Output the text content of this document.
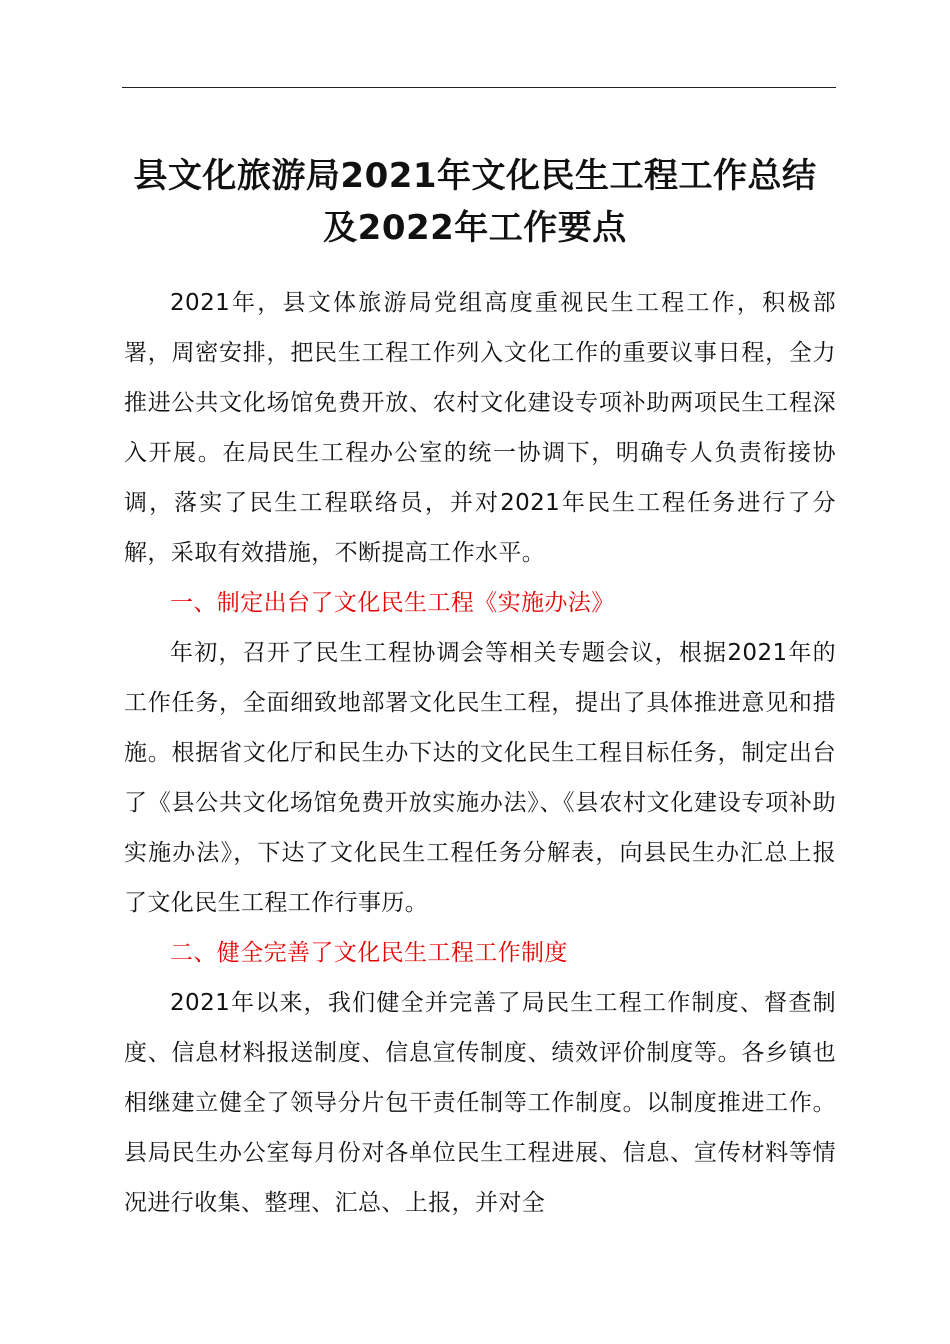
县文化旅游局2021年文化民生工程工作总结
及2022年工作要点

2021年，县文体旅游局党组高度重视民生工程工作，积极部署，周密安排，把民生工程工作列入文化工作的重要议事日程，全力推进公共文化场馆免费开放、农村文化建设专项补助两项民生工程深入开展。在局民生工程办公室的统一协调下，明确专人负责衔接协调，落实了民生工程联络员，并对2021年民生工程任务进行了分解，采取有效措施，不断提高工作水平。

一、制定出台了文化民生工程《实施办法》

年初，召开了民生工程协调会等相关专题会议，根据2021年的工作任务，全面细致地部署文化民生工程，提出了具体推进意见和措施。根据省文化厅和民生办下达的文化民生工程目标任务，制定出台了《县公共文化场馆免费开放实施办法》、《县农村文化建设专项补助实施办法》，下达了文化民生工程任务分解表，向县民生办汇总上报了文化民生工程工作行事历。

二、健全完善了文化民生工程工作制度

2021年以来，我们健全并完善了局民生工程工作制度、督查制度、信息材料报送制度、信息宣传制度、绩效评价制度等。各乡镇也相继建立健全了领导分片包干责任制等工作制度。以制度推进工作。县局民生办公室每月份对各单位民生工程进展、信息、宣传材料等情况进行收集、整理、汇总、上报，并对全
